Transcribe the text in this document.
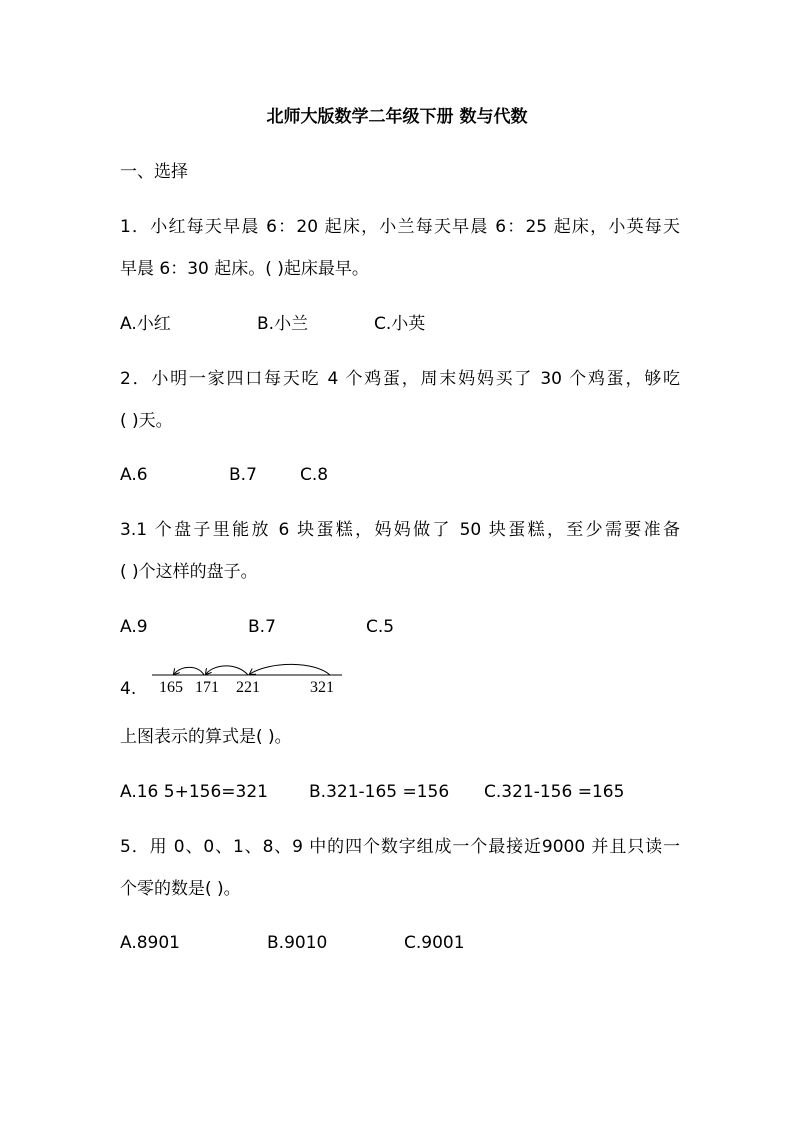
北师大版数学二年级下册 数与代数
一、选择
1．小红每天早晨 6：20 起床，小兰每天早晨 6：25 起床，小英每天
早晨 6：30 起床。( )起床最早。
A.小红	B.小兰	C.小英
2．小明一家四口每天吃 4 个鸡蛋，周末妈妈买了 30 个鸡蛋，够吃
( )天。
A.6	B.7	C.8
3.1 个盘子里能放 6 块蛋糕，妈妈做了 50 块蛋糕，至少需要准备
( )个这样的盘子。
A.9	B.7	C.5
4. 165 171 221	321
上图表示的算式是( )。
A.16 5+156=321 B.321-165 =156 C.321-156 =165
5．用 0、0、1、8、9 中的四个数字组成一个最接近9000 并且只读一
个零的数是( )。
A.8901	B.9010	C.9001
